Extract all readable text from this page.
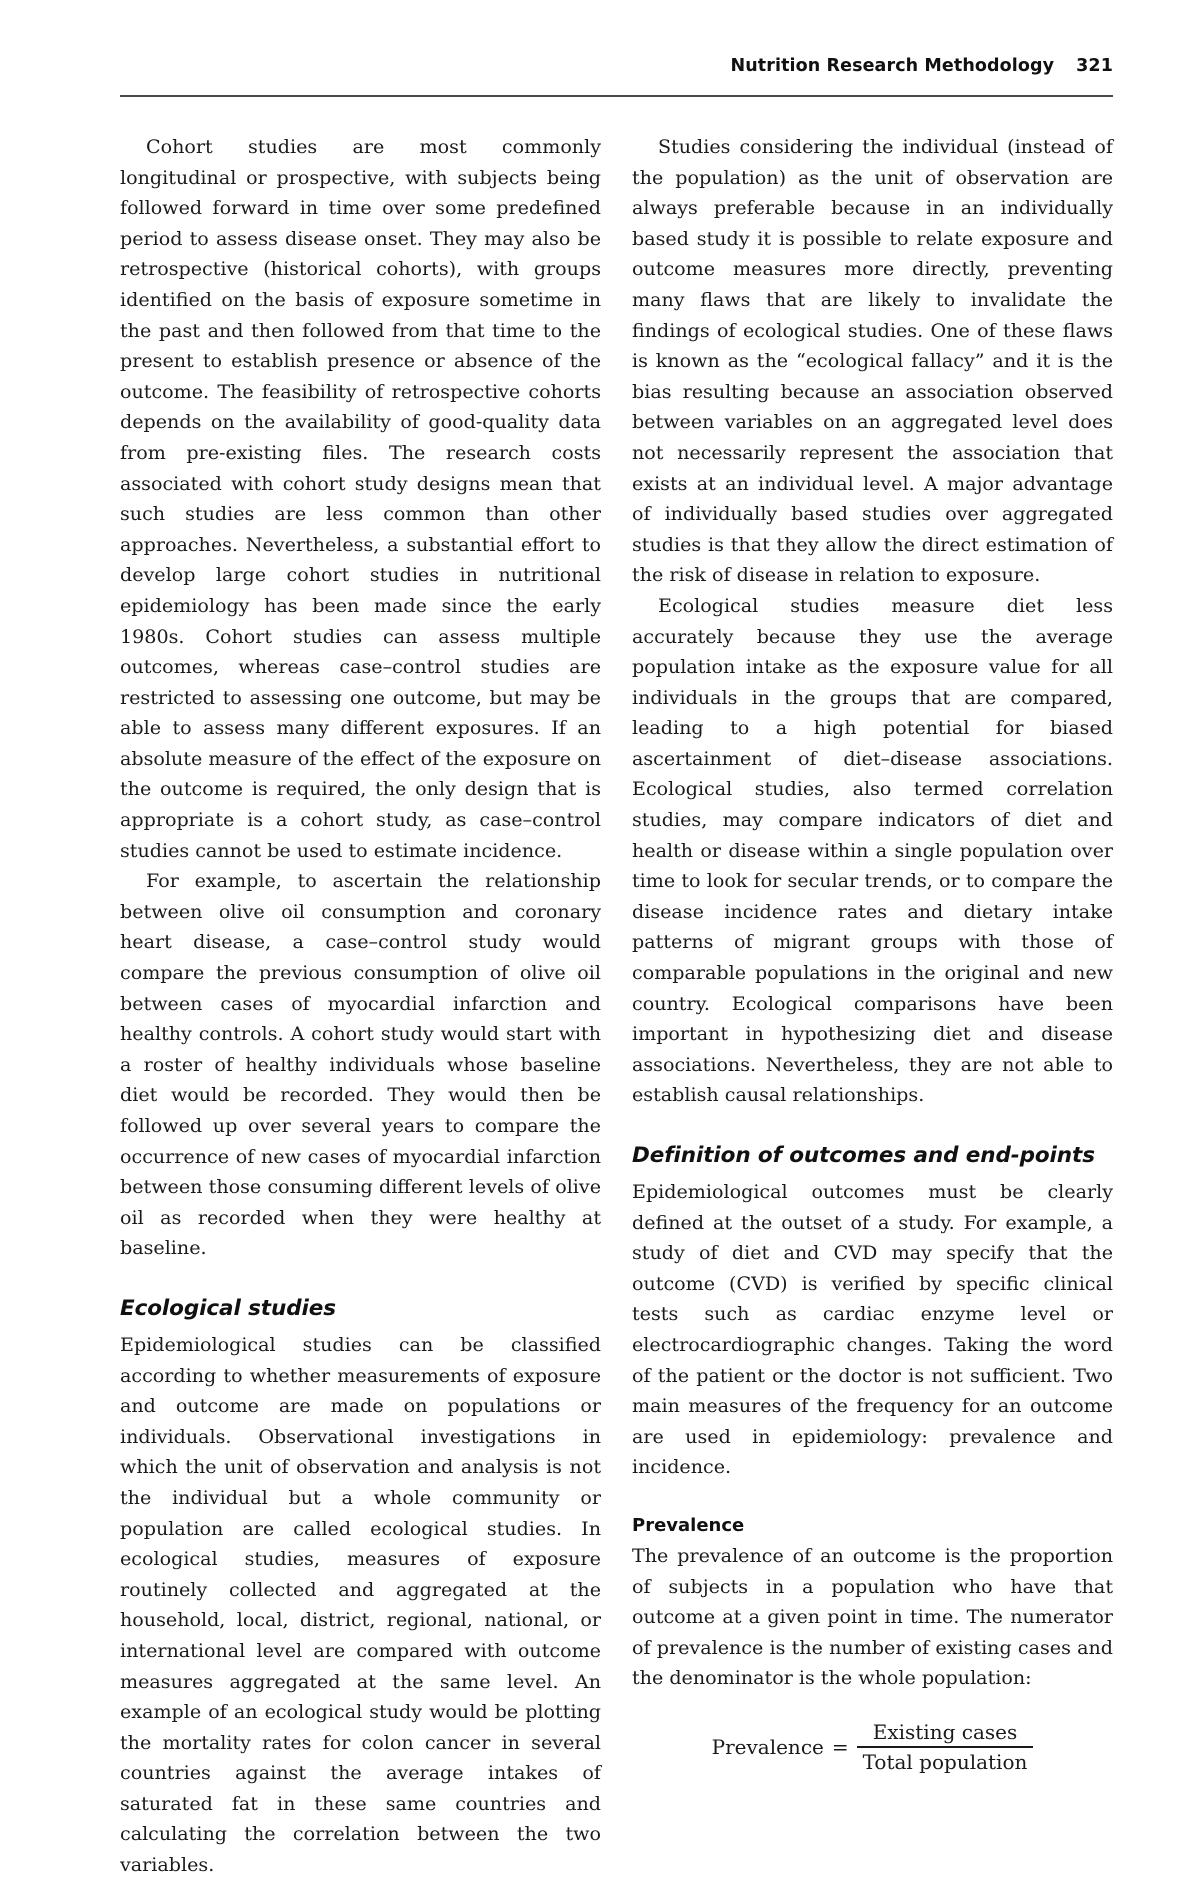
Nutrition Research Methodology 321

Cohort studies are most commonly longitudinal or prospective, with subjects being followed forward in time over some predefined period to assess disease onset. They may also be retrospective (historical cohorts), with groups identified on the basis of exposure sometime in the past and then followed from that time to the present to establish presence or absence of the outcome. The feasibility of retrospective cohorts depends on the availability of good-quality data from pre-existing files. The research costs associated with cohort study designs mean that such studies are less common than other approaches. Nevertheless, a substantial effort to develop large cohort studies in nutritional epidemiology has been made since the early 1980s. Cohort studies can assess multiple outcomes, whereas case–control studies are restricted to assessing one outcome, but may be able to assess many different exposures. If an absolute measure of the effect of the exposure on the outcome is required, the only design that is appropriate is a cohort study, as case–control studies cannot be used to estimate incidence.

For example, to ascertain the relationship between olive oil consumption and coronary heart disease, a case–control study would compare the previous consumption of olive oil between cases of myocardial infarction and healthy controls. A cohort study would start with a roster of healthy individuals whose baseline diet would be recorded. They would then be followed up over several years to compare the occurrence of new cases of myocardial infarction between those consuming different levels of olive oil as recorded when they were healthy at baseline.

Ecological studies

Epidemiological studies can be classified according to whether measurements of exposure and outcome are made on populations or individuals. Observational investigations in which the unit of observation and analysis is not the individual but a whole community or population are called ecological studies. In ecological studies, measures of exposure routinely collected and aggregated at the household, local, district, regional, national, or international level are compared with outcome measures aggregated at the same level. An example of an ecological study would be plotting the mortality rates for colon cancer in several countries against the average intakes of saturated fat in these same countries and calculating the correlation between the two variables.

Studies considering the individual (instead of the population) as the unit of observation are always preferable because in an individually based study it is possible to relate exposure and outcome measures more directly, preventing many flaws that are likely to invalidate the findings of ecological studies. One of these flaws is known as the “ecological fallacy” and it is the bias resulting because an association observed between variables on an aggregated level does not necessarily represent the association that exists at an individual level. A major advantage of individually based studies over aggregated studies is that they allow the direct estimation of the risk of disease in relation to exposure.

Ecological studies measure diet less accurately because they use the average population intake as the exposure value for all individuals in the groups that are compared, leading to a high potential for biased ascertainment of diet–disease associations. Ecological studies, also termed correlation studies, may compare indicators of diet and health or disease within a single population over time to look for secular trends, or to compare the disease incidence rates and dietary intake patterns of migrant groups with those of comparable populations in the original and new country. Ecological comparisons have been important in hypothesizing diet and disease associations. Nevertheless, they are not able to establish causal relationships.

Definition of outcomes and end-points

Epidemiological outcomes must be clearly defined at the outset of a study. For example, a study of diet and CVD may specify that the outcome (CVD) is verified by specific clinical tests such as cardiac enzyme level or electrocardiographic changes. Taking the word of the patient or the doctor is not sufficient. Two main measures of the frequency for an outcome are used in epidemiology: prevalence and incidence.

Prevalence

The prevalence of an outcome is the proportion of subjects in a population who have that outcome at a given point in time. The numerator of prevalence is the number of existing cases and the denominator is the whole population:

Prevalence = $\frac{\text{Existing cases}}{\text{Total population}}$
